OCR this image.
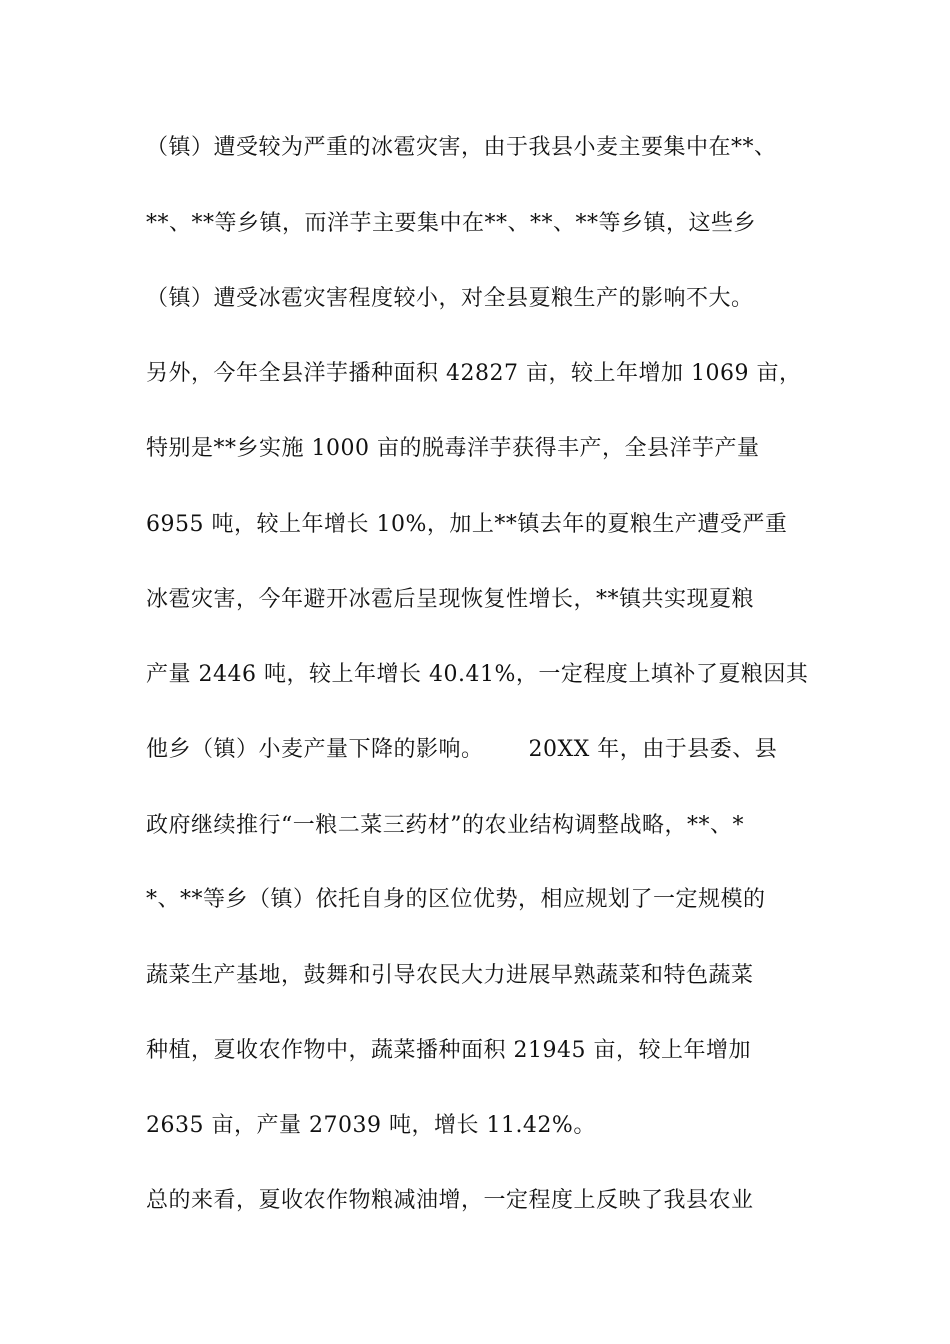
（镇）遭受较为严重的冰雹灾害，由于我县小麦主要集中在**、
**、**等乡镇，而洋芋主要集中在**、**、**等乡镇，这些乡
（镇）遭受冰雹灾害程度较小，对全县夏粮生产的影响不大。
另外，今年全县洋芋播种面积 42827 亩，较上年增加 1069 亩，
特别是**乡实施 1000 亩的脱毒洋芋获得丰产，全县洋芋产量
6955 吨，较上年增长 10%，加上**镇去年的夏粮生产遭受严重
冰雹灾害，今年避开冰雹后呈现恢复性增长，**镇共实现夏粮
产量 2446 吨，较上年增长 40.41%，一定程度上填补了夏粮因其
他乡（镇）小麦产量下降的影响。      20XX 年，由于县委、县
政府继续推行“一粮二菜三药材”的农业结构调整战略，**、*
*、**等乡（镇）依托自身的区位优势，相应规划了一定规模的
蔬菜生产基地，鼓舞和引导农民大力进展早熟蔬菜和特色蔬菜
种植，夏收农作物中，蔬菜播种面积 21945 亩，较上年增加
2635 亩，产量 27039 吨，增长 11.42%。
总的来看，夏收农作物粮减油增，一定程度上反映了我县农业
